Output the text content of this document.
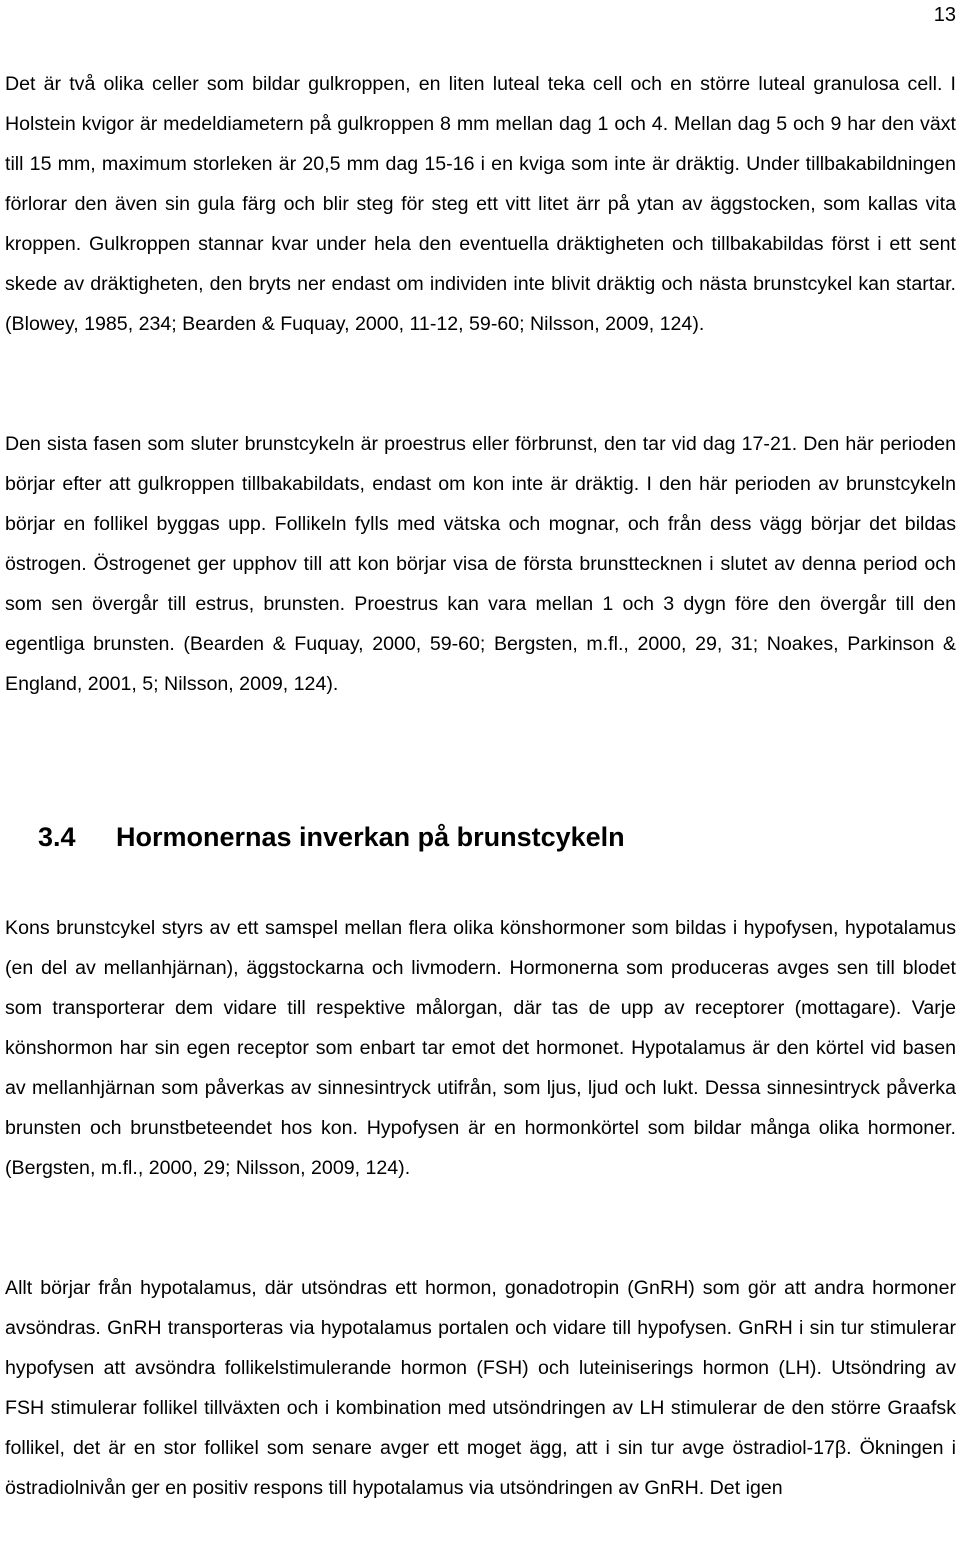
13

Det är två olika celler som bildar gulkroppen, en liten luteal teka cell och en större luteal granulosa cell. I Holstein kvigor är medeldiametern på gulkroppen 8 mm mellan dag 1 och 4. Mellan dag 5 och 9 har den växt till 15 mm, maximum storleken är 20,5 mm dag 15-16 i en kviga som inte är dräktig. Under tillbakabildningen förlorar den även sin gula färg och blir steg för steg ett vitt litet ärr på ytan av äggstocken, som kallas vita kroppen. Gulkroppen stannar kvar under hela den eventuella dräktigheten och tillbakabildas först i ett sent skede av dräktigheten, den bryts ner endast om individen inte blivit dräktig och nästa brunstcykel kan startar. (Blowey, 1985, 234; Bearden & Fuquay, 2000, 11-12, 59-60; Nilsson, 2009, 124).

Den sista fasen som sluter brunstcykeln är proestrus eller förbrunst, den tar vid dag 17-21. Den här perioden börjar efter att gulkroppen tillbakabildats, endast om kon inte är dräktig. I den här perioden av brunstcykeln börjar en follikel byggas upp. Follikeln fylls med vätska och mognar, och från dess vägg börjar det bildas östrogen. Östrogenet ger upphov till att kon börjar visa de första brunsttecknen i slutet av denna period och som sen övergår till estrus, brunsten. Proestrus kan vara mellan 1 och 3 dygn före den övergår till den egentliga brunsten. (Bearden & Fuquay, 2000, 59-60; Bergsten, m.fl., 2000, 29, 31; Noakes, Parkinson & England, 2001, 5; Nilsson, 2009, 124).

3.4 Hormonernas inverkan på brunstcykeln

Kons brunstcykel styrs av ett samspel mellan flera olika könshormoner som bildas i hypofysen, hypotalamus (en del av mellanhjärnan), äggstockarna och livmodern. Hormonerna som produceras avges sen till blodet som transporterar dem vidare till respektive målorgan, där tas de upp av receptorer (mottagare). Varje könshormon har sin egen receptor som enbart tar emot det hormonet. Hypotalamus är den körtel vid basen av mellanhjärnan som påverkas av sinnesintryck utifrån, som ljus, ljud och lukt. Dessa sinnesintryck påverka brunsten och brunstbeteendet hos kon. Hypofysen är en hormonkörtel som bildar många olika hormoner. (Bergsten, m.fl., 2000, 29; Nilsson, 2009, 124).

Allt börjar från hypotalamus, där utsöndras ett hormon, gonadotropin (GnRH) som gör att andra hormoner avsöndras. GnRH transporteras via hypotalamus portalen och vidare till hypofysen. GnRH i sin tur stimulerar hypofysen att avsöndra follikelstimulerande hormon (FSH) och luteiniserings hormon (LH). Utsöndring av FSH stimulerar follikel tillväxten och i kombination med utsöndringen av LH stimulerar de den större Graafsk follikel, det är en stor follikel som senare avger ett moget ägg, att i sin tur avge östradiol-17β. Ökningen i östradiolnivån ger en positiv respons till hypotalamus via utsöndringen av GnRH. Det igen
